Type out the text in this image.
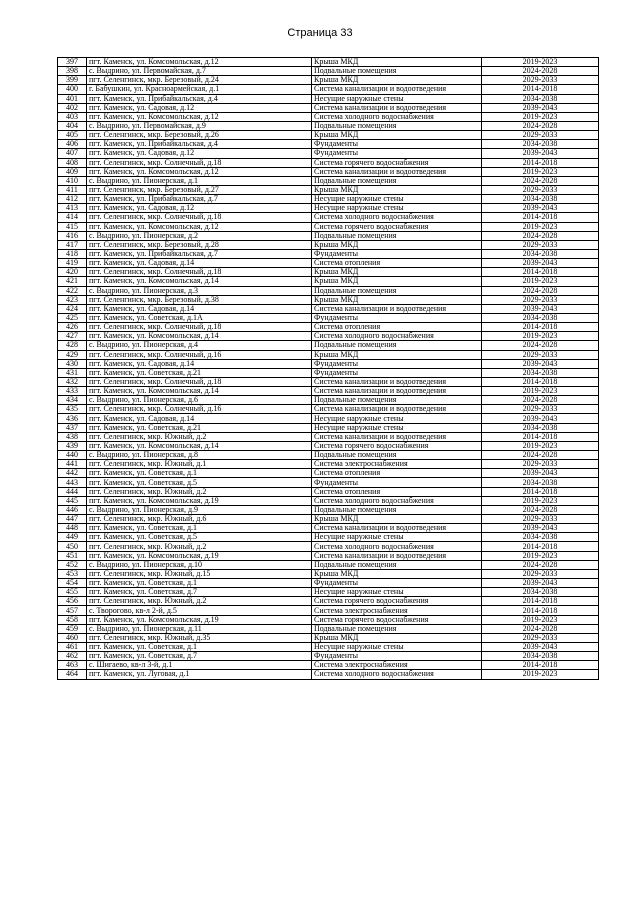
Страница 33
397	пгт. Каменск, ул. Комсомольская, д.12	Крыша МКД	2019-2023
398	с. Выдрино, ул. Первомайская, д.7	Подвальные помещения	2024-2028
399	пгт. Селенгинск, мкр. Березовый, д.24	Крыша МКД	2029-2033
400	г. Бабушкин, ул. Красноармейская, д.1	Система канализации и водоотведения	2014-2018
401	пгт. Каменск, ул. Прибайкальская, д.4	Несущие наружные стены	2034-2038
402	пгт. Каменск, ул. Садовая, д.12	Система канализации и водоотведения	2039-2043
403	пгт. Каменск, ул. Комсомольская, д.12	Система холодного водоснабжения	2019-2023
404	с. Выдрино, ул. Первомайская, д.9	Подвальные помещения	2024-2028
405	пгт. Селенгинск, мкр. Березовый, д.26	Крыша МКД	2029-2033
406	пгт. Каменск, ул. Прибайкальская, д.4	Фундаменты	2034-2038
407	пгт. Каменск, ул. Садовая, д.12	Фундаменты	2039-2043
408	пгт. Селенгинск, мкр. Солнечный, д.18	Система горячего водоснабжения	2014-2018
409	пгт. Каменск, ул. Комсомольская, д.12	Система канализации и водоотведения	2019-2023
410	с. Выдрино, ул. Пионерская, д.1	Подвальные помещения	2024-2028
411	пгт. Селенгинск, мкр. Березовый, д.27	Крыша МКД	2029-2033
412	пгт. Каменск, ул. Прибайкальская, д.7	Несущие наружные стены	2034-2038
413	пгт. Каменск, ул. Садовая, д.12	Несущие наружные стены	2039-2043
414	пгт. Селенгинск, мкр. Солнечный, д.18	Система холодного водоснабжения	2014-2018
415	пгт. Каменск, ул. Комсомольская, д.12	Система горячего водоснабжения	2019-2023
416	с. Выдрино, ул. Пионерская, д.2	Подвальные помещения	2024-2028
417	пгт. Селенгинск, мкр. Березовый, д.28	Крыша МКД	2029-2033
418	пгт. Каменск, ул. Прибайкальская, д.7	Фундаменты	2034-2038
419	пгт. Каменск, ул. Садовая, д.14	Система отопления	2039-2043
420	пгт. Селенгинск, мкр. Солнечный, д.18	Крыша МКД	2014-2018
421	пгт. Каменск, ул. Комсомольская, д.14	Крыша МКД	2019-2023
422	с. Выдрино, ул. Пионерская, д.3	Подвальные помещения	2024-2028
423	пгт. Селенгинск, мкр. Березовый, д.38	Крыша МКД	2029-2033
424	пгт. Каменск, ул. Садовая, д.14	Система канализации и водоотведения	2039-2043
425	пгт. Каменск, ул. Советская, д.1А	Фундаменты	2034-2038
426	пгт. Селенгинск, мкр. Солнечный, д.18	Система отопления	2014-2018
427	пгт. Каменск, ул. Комсомольская, д.14	Система холодного водоснабжения	2019-2023
428	с. Выдрино, ул. Пионерская, д.4	Подвальные помещения	2024-2028
429	пгт. Селенгинск, мкр. Солнечный, д.16	Крыша МКД	2029-2033
430	пгт. Каменск, ул. Садовая, д.14	Фундаменты	2039-2043
431	пгт. Каменск, ул. Советская, д.21	Фундаменты	2034-2038
432	пгт. Селенгинск, мкр. Солнечный, д.18	Система канализации и водоотведения	2014-2018
433	пгт. Каменск, ул. Комсомольская, д.14	Система канализации и водоотведения	2019-2023
434	с. Выдрино, ул. Пионерская, д.6	Подвальные помещения	2024-2028
435	пгт. Селенгинск, мкр. Солнечный, д.16	Система канализации и водоотведения	2029-2033
436	пгт. Каменск, ул. Садовая, д.14	Несущие наружные стены	2039-2043
437	пгт. Каменск, ул. Советская, д.21	Несущие наружные стены	2034-2038
438	пгт. Селенгинск, мкр. Южный, д.2	Система канализации и водоотведения	2014-2018
439	пгт. Каменск, ул. Комсомольская, д.14	Система горячего водоснабжения	2019-2023
440	с. Выдрино, ул. Пионерская, д.8	Подвальные помещения	2024-2028
441	пгт. Селенгинск, мкр. Южный, д.1	Система электроснабжения	2029-2033
442	пгт. Каменск, ул. Советская, д.1	Система отопления	2039-2043
443	пгт. Каменск, ул. Советская, д.5	Фундаменты	2034-2038
444	пгт. Селенгинск, мкр. Южный, д.2	Система отопления	2014-2018
445	пгт. Каменск, ул. Комсомольская, д.19	Система холодного водоснабжения	2019-2023
446	с. Выдрино, ул. Пионерская, д.9	Подвальные помещения	2024-2028
447	пгт. Селенгинск, мкр. Южный, д.6	Крыша МКД	2029-2033
448	пгт. Каменск, ул. Советская, д.1	Система канализации и водоотведения	2039-2043
449	пгт. Каменск, ул. Советская, д.5	Несущие наружные стены	2034-2038
450	пгт. Селенгинск, мкр. Южный, д.2	Система холодного водоснабжения	2014-2018
451	пгт. Каменск, ул. Комсомольская, д.19	Система канализации и водоотведения	2019-2023
452	с. Выдрино, ул. Пионерская, д.10	Подвальные помещения	2024-2028
453	пгт. Селенгинск, мкр. Южный, д.15	Крыша МКД	2029-2033
454	пгт. Каменск, ул. Советская, д.1	Фундаменты	2039-2043
455	пгт. Каменск, ул. Советская, д.7	Несущие наружные стены	2034-2038
456	пгт. Селенгинск, мкр. Южный, д.2	Система горячего водоснабжения	2014-2018
457	с. Творогово, кв-л 2-й, д.5	Система электроснабжения	2014-2018
458	пгт. Каменск, ул. Комсомольская, д.19	Система горячего водоснабжения	2019-2023
459	с. Выдрино, ул. Пионерская, д.11	Подвальные помещения	2024-2028
460	пгт. Селенгинск, мкр. Южный, д.35	Крыша МКД	2029-2033
461	пгт. Каменск, ул. Советская, д.1	Несущие наружные стены	2039-2043
462	пгт. Каменск, ул. Советская, д.7	Фундаменты	2034-2038
463	с. Шигаево, кв-л 3-й, д.1	Система электроснабжения	2014-2018
464	пгт. Каменск, ул. Луговая, д.1	Система холодного водоснабжения	2019-2023
